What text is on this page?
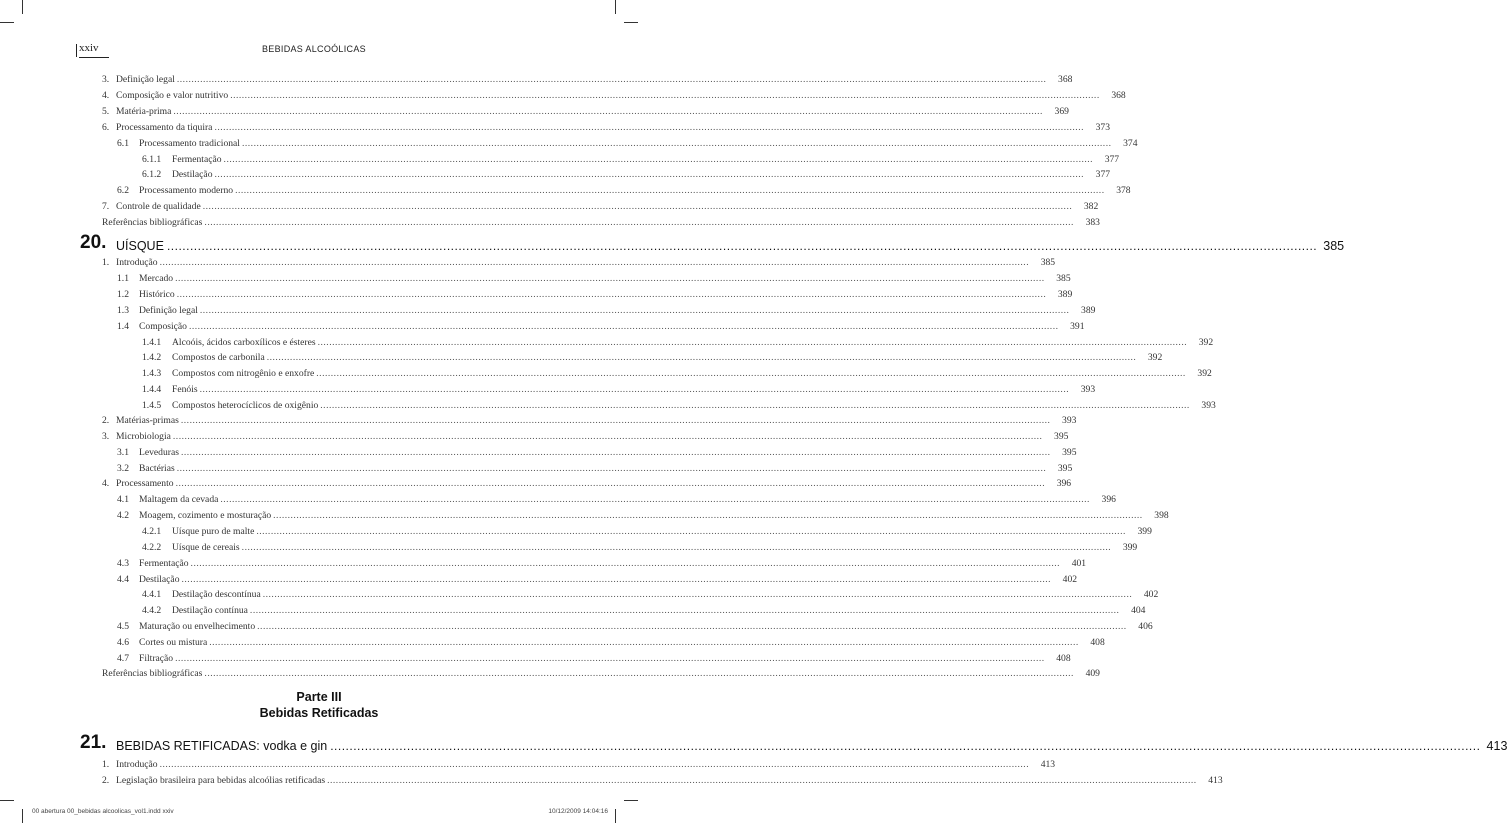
xxiv	BEBIDAS ALCOÓLICAS
3. Definição legal ............................................................................................................................................................................................................................................................................................................	368
4. Composição e valor nutritivo ............................................................................................................................................................................................................................................................................................................	368
5. Matéria-prima ............................................................................................................................................................................................................................................................................................................	369
6. Processamento da tiquira ............................................................................................................................................................................................................................................................................................................	373
6.1	Processamento tradicional ............................................................................................................................................................................................................................................................................................................	374
6.1.1	Fermentação ............................................................................................................................................................................................................................................................................................................	377
6.1.2	Destilação ............................................................................................................................................................................................................................................................................................................	377
6.2	Processamento moderno ............................................................................................................................................................................................................................................................................................................	378
7. Controle de qualidade ............................................................................................................................................................................................................................................................................................................	382
Referências bibliográficas ............................................................................................................................................................................................................................................................................................................	383
20. UÍSQUE ............................................................................................................................................................................................................................................................................................................ 385
1. Introdução ............................................................................................................................................................................................................................................................................................................	385
1.1	Mercado ............................................................................................................................................................................................................................................................................................................	385
1.2	Histórico ............................................................................................................................................................................................................................................................................................................	389
1.3	Definição legal ............................................................................................................................................................................................................................................................................................................	389
1.4	Composição ............................................................................................................................................................................................................................................................................................................	391
1.4.1	Alcoóis, ácidos carboxílicos e ésteres ............................................................................................................................................................................................................................................................................................................	392
1.4.2	Compostos de carbonila ............................................................................................................................................................................................................................................................................................................	392
1.4.3	Compostos com nitrogênio e enxofre ............................................................................................................................................................................................................................................................................................................	392
1.4.4	Fenóis ............................................................................................................................................................................................................................................................................................................	393
1.4.5	Compostos heterocíclicos de oxigênio ............................................................................................................................................................................................................................................................................................................	393
2. Matérias-primas ............................................................................................................................................................................................................................................................................................................	393
3. Microbiologia ............................................................................................................................................................................................................................................................................................................	395
3.1	Leveduras ............................................................................................................................................................................................................................................................................................................	395
3.2	Bactérias ............................................................................................................................................................................................................................................................................................................	395
4. Processamento ............................................................................................................................................................................................................................................................................................................	396
4.1	Maltagem da cevada ............................................................................................................................................................................................................................................................................................................	396
4.2	Moagem, cozimento e mosturação ............................................................................................................................................................................................................................................................................................................	398
4.2.1	Uísque puro de malte ............................................................................................................................................................................................................................................................................................................	399
4.2.2	Uísque de cereais ............................................................................................................................................................................................................................................................................................................	399
4.3	Fermentação ............................................................................................................................................................................................................................................................................................................	401
4.4	Destilação ............................................................................................................................................................................................................................................................................................................	402
4.4.1	Destilação descontínua ............................................................................................................................................................................................................................................................................................................	402
4.4.2	Destilação contínua ............................................................................................................................................................................................................................................................................................................	404
4.5	Maturação ou envelhecimento ............................................................................................................................................................................................................................................................................................................	406
4.6	Cortes ou mistura ............................................................................................................................................................................................................................................................................................................	408
4.7	Filtração ............................................................................................................................................................................................................................................................................................................	408
Referências bibliográficas ............................................................................................................................................................................................................................................................................................................	409
Parte III
Bebidas Retificadas
21. BEBIDAS RETIFICADAS: vodka e gin ............................................................................................................................................................................................................................................................................................................ 413
1. Introdução ............................................................................................................................................................................................................................................................................................................	413
2. Legislação brasileira para bebidas alcoólias retificadas ............................................................................................................................................................................................................................................................................................................	413
00 abertura 00_bebidas alcoolicas_vol1.indd xxiv	10/12/2009 14:04:16
